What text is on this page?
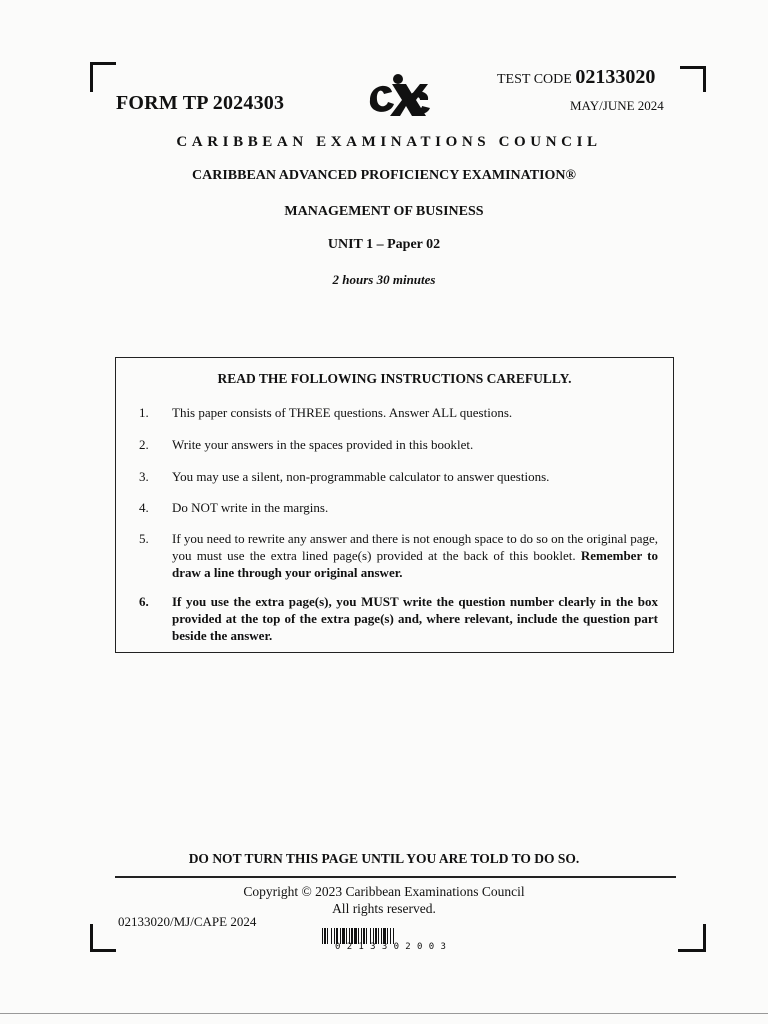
FORM TP 2024303
TEST CODE 02133020
MAY/JUNE 2024
CARIBBEAN EXAMINATIONS COUNCIL
CARIBBEAN ADVANCED PROFICIENCY EXAMINATION®
MANAGEMENT OF BUSINESS
UNIT 1 – Paper 02
2 hours 30 minutes
READ THE FOLLOWING INSTRUCTIONS CAREFULLY.
1. This paper consists of THREE questions. Answer ALL questions.
2. Write your answers in the spaces provided in this booklet.
3. You may use a silent, non-programmable calculator to answer questions.
4. Do NOT write in the margins.
5. If you need to rewrite any answer and there is not enough space to do so on the original page, you must use the extra lined page(s) provided at the back of this booklet. Remember to draw a line through your original answer.
6. If you use the extra page(s), you MUST write the question number clearly in the box provided at the top of the extra page(s) and, where relevant, include the question part beside the answer.
DO NOT TURN THIS PAGE UNTIL YOU ARE TOLD TO DO SO.
Copyright © 2023 Caribbean Examinations Council
All rights reserved.
02133020/MJ/CAPE 2024
0213302003
